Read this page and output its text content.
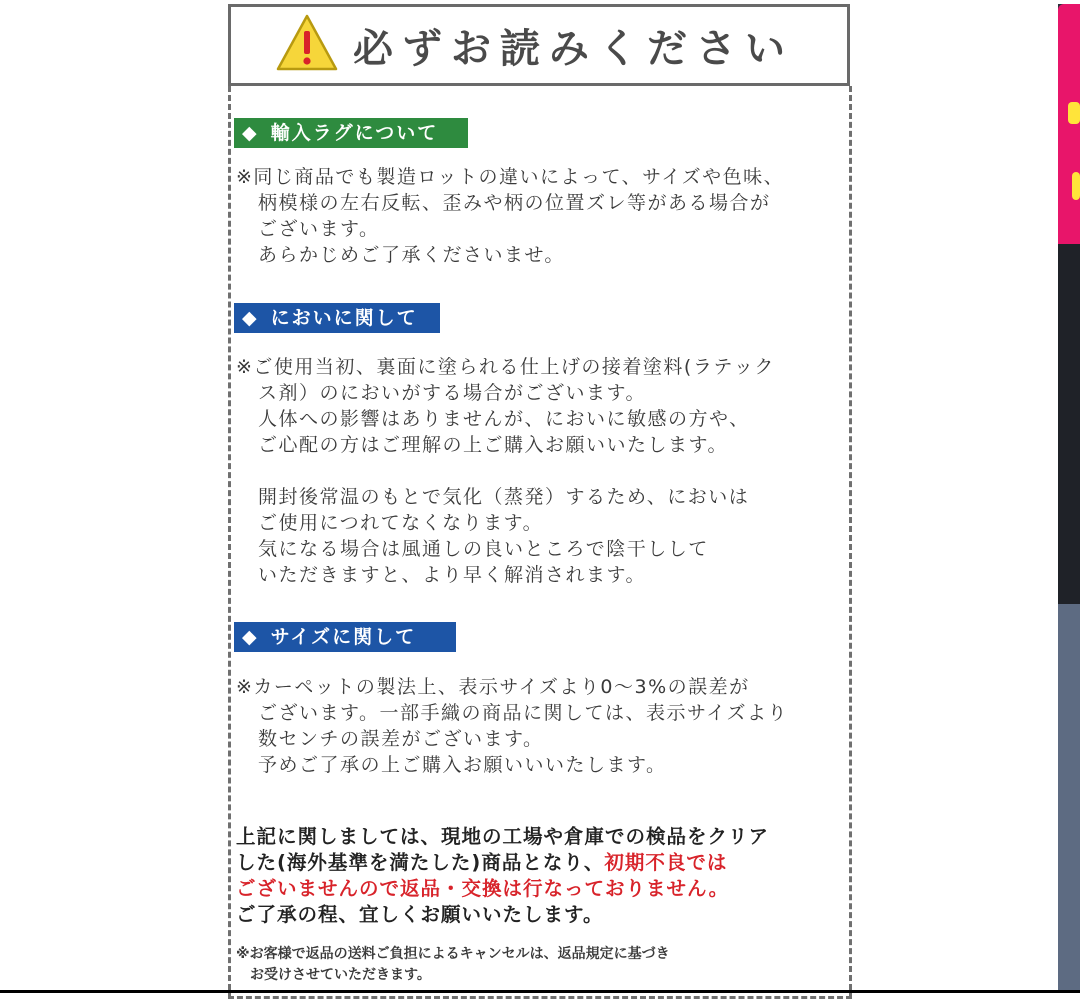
必ずお読みください
◆ 輸入ラグについて
※同じ商品でも製造ロットの違いによって、サイズや色味、
柄模様の左右反転、歪みや柄の位置ズレ等がある場合が
ございます。
あらかじめご了承くださいませ。
◆ においに関して
※ご使用当初、裏面に塗られる仕上げの接着塗料(ラテック
ス剤）のにおいがする場合がございます。
人体への影響はありませんが、においに敏感の方や、
ご心配の方はご理解の上ご購入お願いいたします。
開封後常温のもとで気化（蒸発）するため、においは
ご使用につれてなくなります。
気になる場合は風通しの良いところで陰干しして
いただきますと、より早く解消されます。
◆ サイズに関して
※カーペットの製法上、表示サイズより0〜3%の誤差が
ございます。一部手織の商品に関しては、表示サイズより
数センチの誤差がございます。
予めご了承の上ご購入お願いいいたします。
上記に関しましては、現地の工場や倉庫での検品をクリア
した(海外基準を満たした)商品となり、初期不良では
ございませんので返品・交換は行なっておりません。
ご了承の程、宜しくお願いいたします。
※お客様で返品の送料ご負担によるキャンセルは、返品規定に基づき
お受けさせていただきます。
